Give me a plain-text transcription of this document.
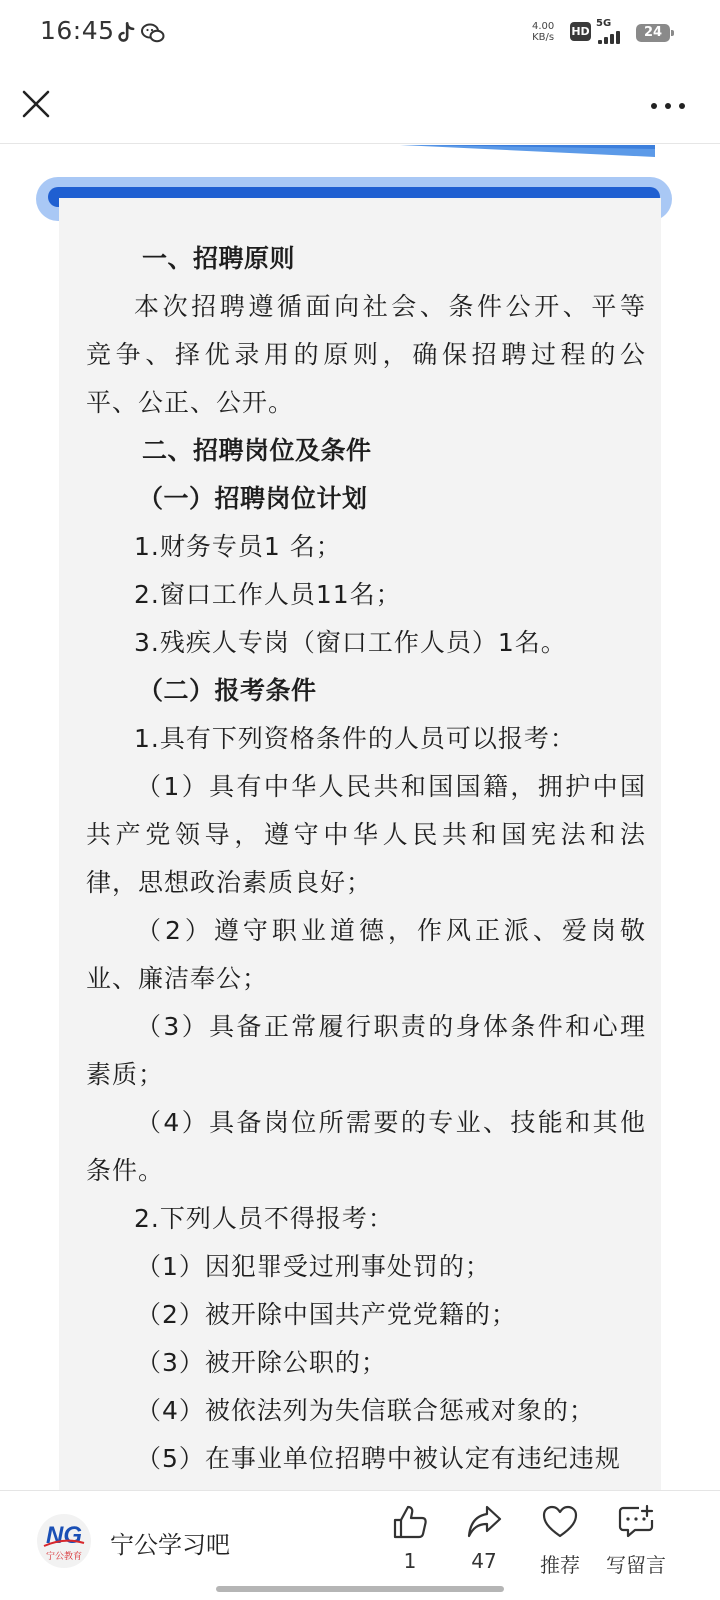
16:45	4.00
KB/s HD
5G
24

一、招聘原则

本次招聘遵循面向社会、条件公开、平等

竞争、择优录用的原则，确保招聘过程的公

平、公正、公开。

二、招聘岗位及条件

（一）招聘岗位计划

1.财务专员1 名；

2.窗口工作人员11名；

3.残疾人专岗（窗口工作人员）1名。

（二）报考条件

1.具有下列资格条件的人员可以报考：

（1）具有中华人民共和国国籍，拥护中国

共产党领导，遵守中华人民共和国宪法和法

律，思想政治素质良好；

（2）遵守职业道德，作风正派、爱岗敬

业、廉洁奉公；

（3）具备正常履行职责的身体条件和心理

素质；

（4）具备岗位所需要的专业、技能和其他

条件。

2.下列人员不得报考：

（1）因犯罪受过刑事处罚的；

（2）被开除中国共产党党籍的；

（3）被开除公职的；

（4）被依法列为失信联合惩戒对象的；

（5）在事业单位招聘中被认定有违纪违规

NG
宁公教育 宁公学习吧
1	47	推荐	写留言
